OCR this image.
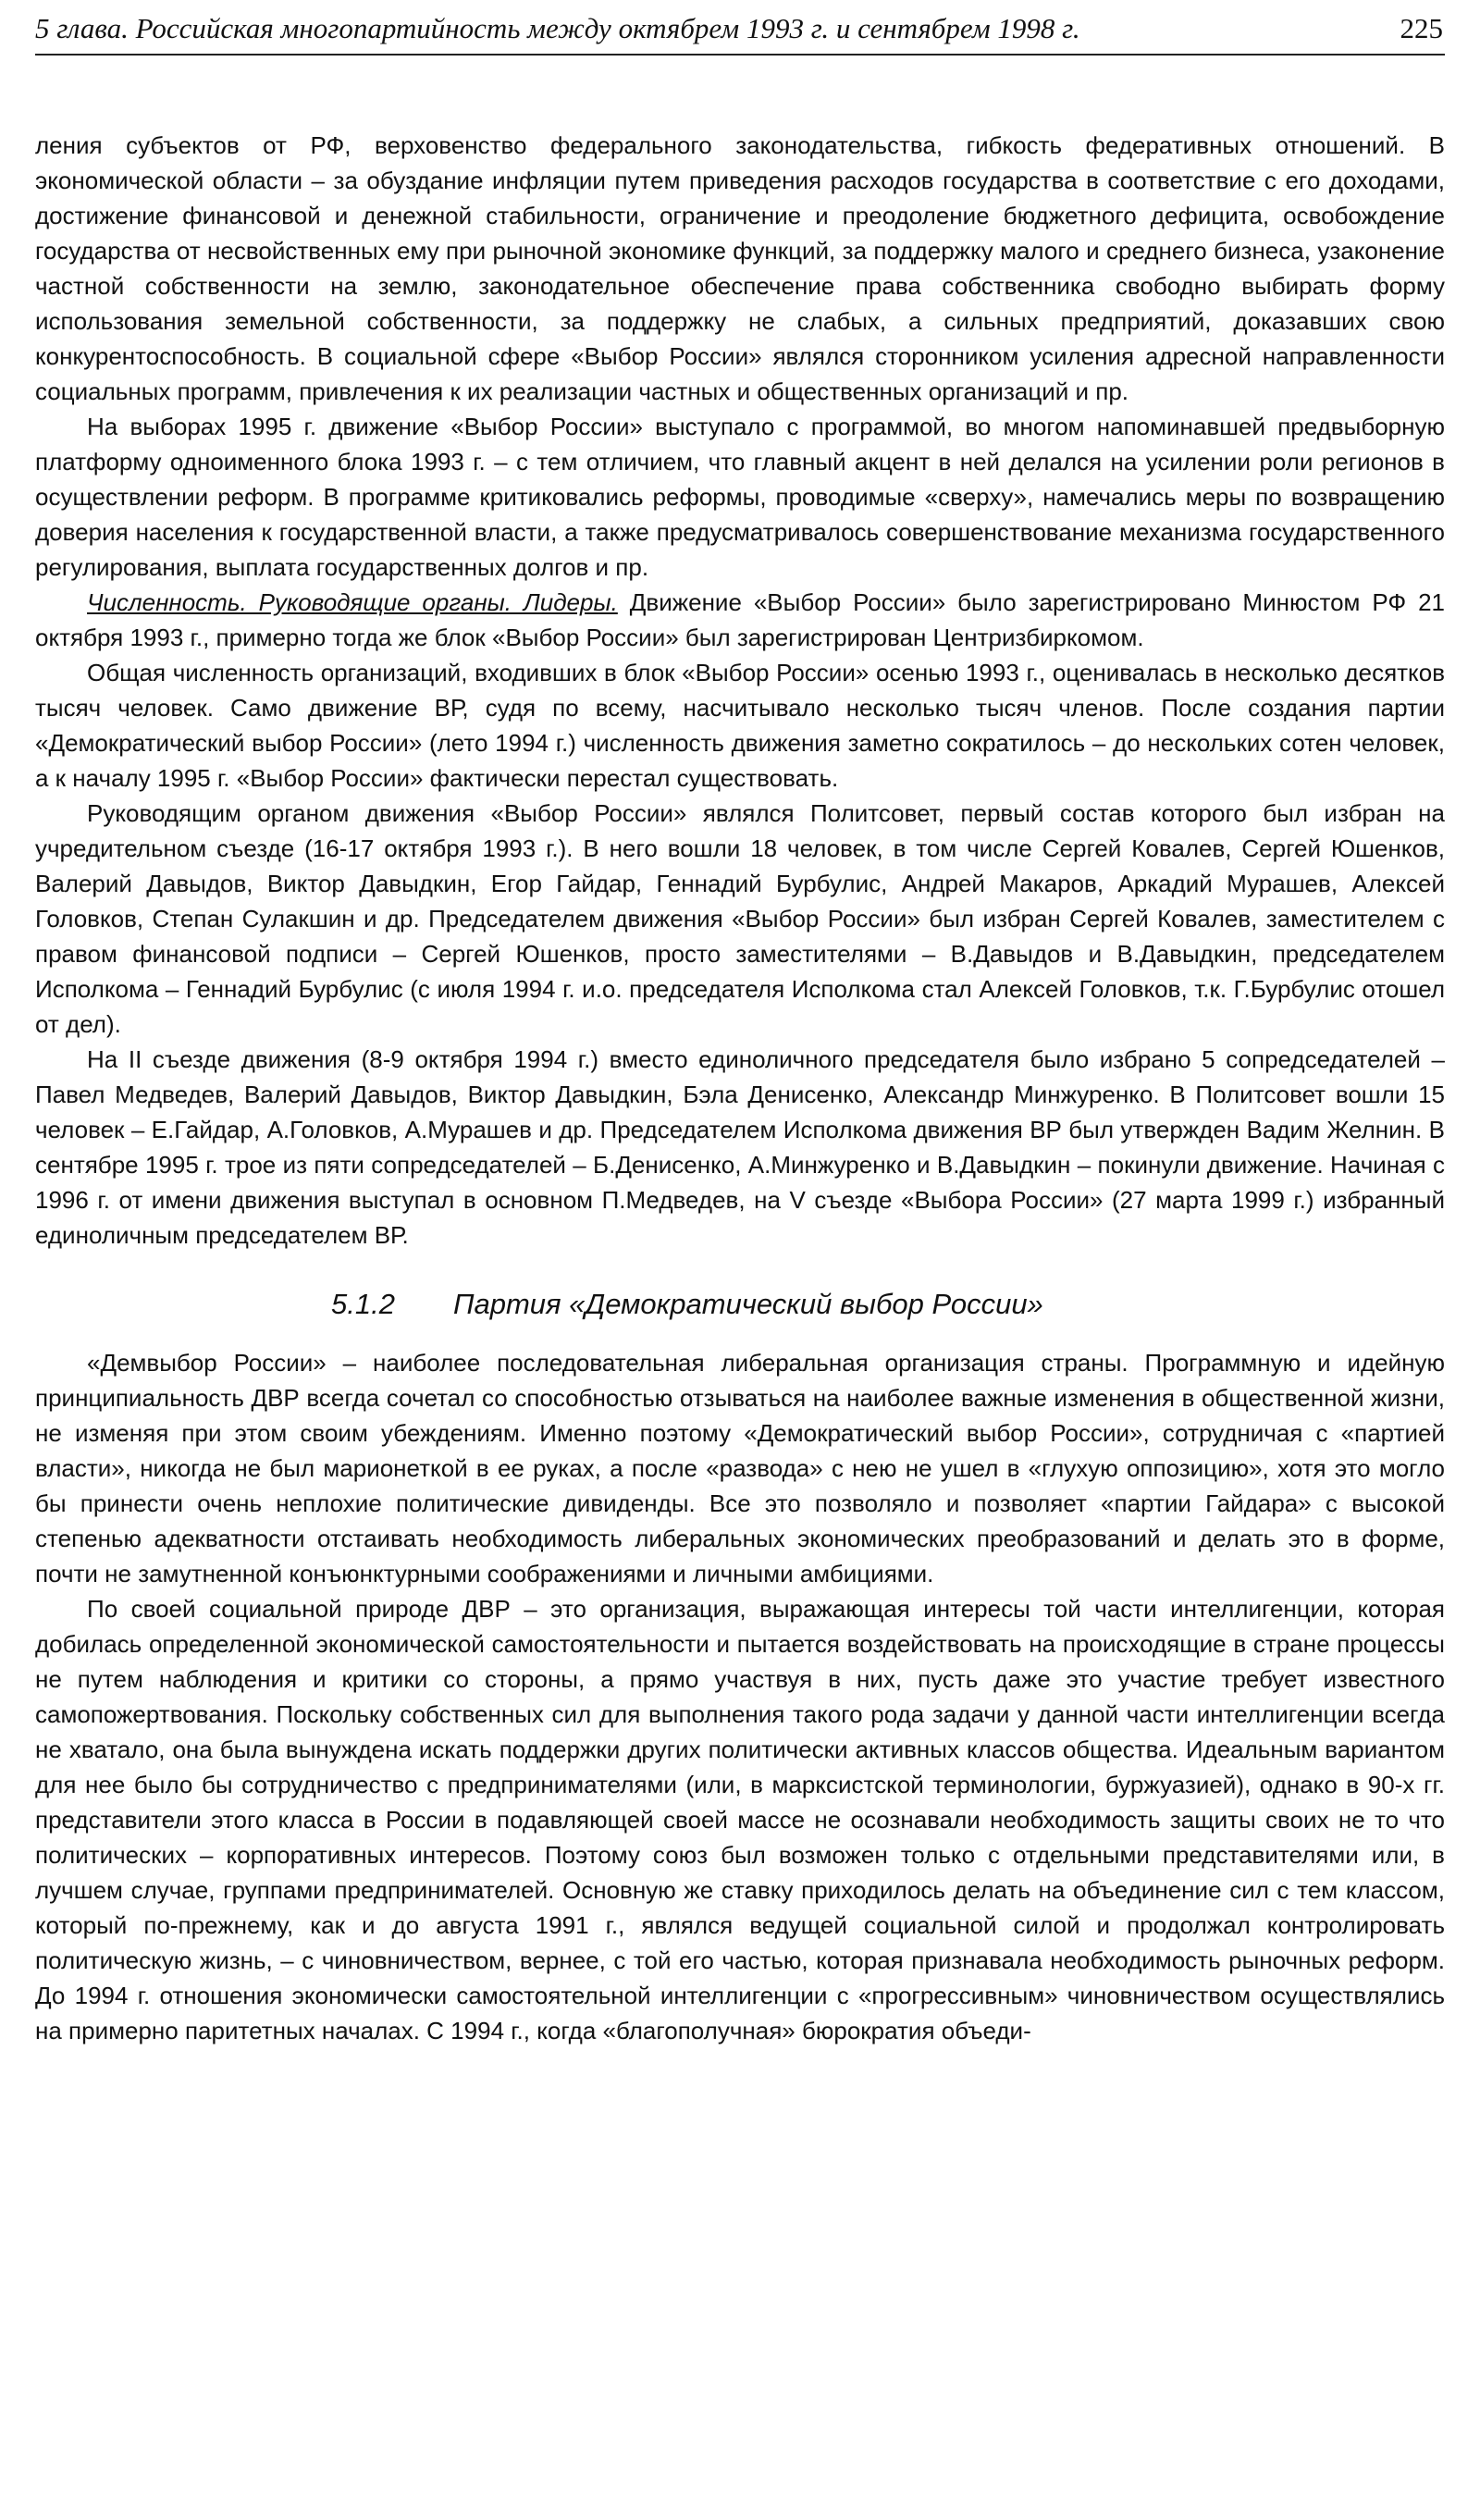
5 глава. Российская многопартийность между октябрем 1993 г. и сентябрем 1998 г.	225

ления субъектов от РФ, верховенство федерального законодательства, гибкость федеративных отношений. В экономической области – за обуздание инфляции путем приведения расходов государства в соответствие с его доходами, достижение финансовой и денежной стабильности, ограничение и преодоление бюджетного дефицита, освобождение государства от несвойственных ему при рыночной экономике функций, за поддержку малого и среднего бизнеса, узаконение частной собственности на землю, законодательное обеспечение права собственника свободно выбирать форму использования земельной собственности, за поддержку не слабых, а сильных предприятий, доказавших свою конкурентоспособность. В социальной сфере «Выбор России» являлся сторонником усиления адресной направленности социальных программ, привлечения к их реализации частных и общественных организаций и пр.

На выборах 1995 г. движение «Выбор России» выступало с программой, во многом напоминавшей предвыборную платформу одноименного блока 1993 г. – с тем отличием, что главный акцент в ней делался на усилении роли регионов в осуществлении реформ. В программе критиковались реформы, проводимые «сверху», намечались меры по возвращению доверия населения к государственной власти, а также предусматривалось совершенствование механизма государственного регулирования, выплата государственных долгов и пр.

Численность. Руководящие органы. Лидеры. Движение «Выбор России» было зарегистрировано Минюстом РФ 21 октября 1993 г., примерно тогда же блок «Выбор России» был зарегистрирован Центризбиркомом.

Общая численность организаций, входивших в блок «Выбор России» осенью 1993 г., оценивалась в несколько десятков тысяч человек. Само движение ВР, судя по всему, насчитывало несколько тысяч членов. После создания партии «Демократический выбор России» (лето 1994 г.) численность движения заметно сократилось – до нескольких сотен человек, а к началу 1995 г. «Выбор России» фактически перестал существовать.

Руководящим органом движения «Выбор России» являлся Политсовет, первый состав которого был избран на учредительном съезде (16-17 октября 1993 г.). В него вошли 18 человек, в том числе Сергей Ковалев, Сергей Юшенков, Валерий Давыдов, Виктор Давыдкин, Егор Гайдар, Геннадий Бурбулис, Андрей Макаров, Аркадий Мурашев, Алексей Головков, Степан Сулакшин и др. Председателем движения «Выбор России» был избран Сергей Ковалев, заместителем с правом финансовой подписи – Сергей Юшенков, просто заместителями – В.Давыдов и В.Давыдкин, председателем Исполкома – Геннадий Бурбулис (с июля 1994 г. и.о. председателя Исполкома стал Алексей Головков, т.к. Г.Бурбулис отошел от дел).

На II съезде движения (8-9 октября 1994 г.) вместо единоличного председателя было избрано 5 сопредседателей – Павел Медведев, Валерий Давыдов, Виктор Давыдкин, Бэла Денисенко, Александр Минжуренко. В Политсовет вошли 15 человек – Е.Гайдар, А.Головков, А.Мурашев и др. Председателем Исполкома движения ВР был утвержден Вадим Желнин. В сентябре 1995 г. трое из пяти сопредседателей – Б.Денисенко, А.Минжуренко и В.Давыдкин – покинули движение. Начиная с 1996 г. от имени движения выступал в основном П.Медведев, на V съезде «Выбора России» (27 марта 1999 г.) избранный единоличным председателем ВР.

5.1.2 Партия «Демократический выбор России»

«Демвыбор России» – наиболее последовательная либеральная организация страны. Программную и идейную принципиальность ДВР всегда сочетал со способностью отзываться на наиболее важные изменения в общественной жизни, не изменяя при этом своим убеждениям. Именно поэтому «Демократический выбор России», сотрудничая с «партией власти», никогда не был марионеткой в ее руках, а после «развода» с нею не ушел в «глухую оппозицию», хотя это могло бы принести очень неплохие политические дивиденды. Все это позволяло и позволяет «партии Гайдара» с высокой степенью адекватности отстаивать необходимость либеральных экономических преобразований и делать это в форме, почти не замутненной конъюнктурными соображениями и личными амбициями.

По своей социальной природе ДВР – это организация, выражающая интересы той части интеллигенции, которая добилась определенной экономической самостоятельности и пытается воздействовать на происходящие в стране процессы не путем наблюдения и критики со стороны, а прямо участвуя в них, пусть даже это участие требует известного самопожертвования. Поскольку собственных сил для выполнения такого рода задачи у данной части интеллигенции всегда не хватало, она была вынуждена искать поддержки других политически активных классов общества. Идеальным вариантом для нее было бы сотрудничество с предпринимателями (или, в марксистской терминологии, буржуазией), однако в 90-х гг. представители этого класса в России в подавляющей своей массе не осознавали необходимость защиты своих не то что политических – корпоративных интересов. Поэтому союз был возможен только с отдельными представителями или, в лучшем случае, группами предпринимателей. Основную же ставку приходилось делать на объединение сил с тем классом, который по-прежнему, как и до августа 1991 г., являлся ведущей социальной силой и продолжал контролировать политическую жизнь, – с чиновничеством, вернее, с той его частью, которая признавала необходимость рыночных реформ. До 1994 г. отношения экономически самостоятельной интеллигенции с «прогрессивным» чиновничеством осуществлялись на примерно паритетных началах. С 1994 г., когда «благополучная» бюрократия объеди-
